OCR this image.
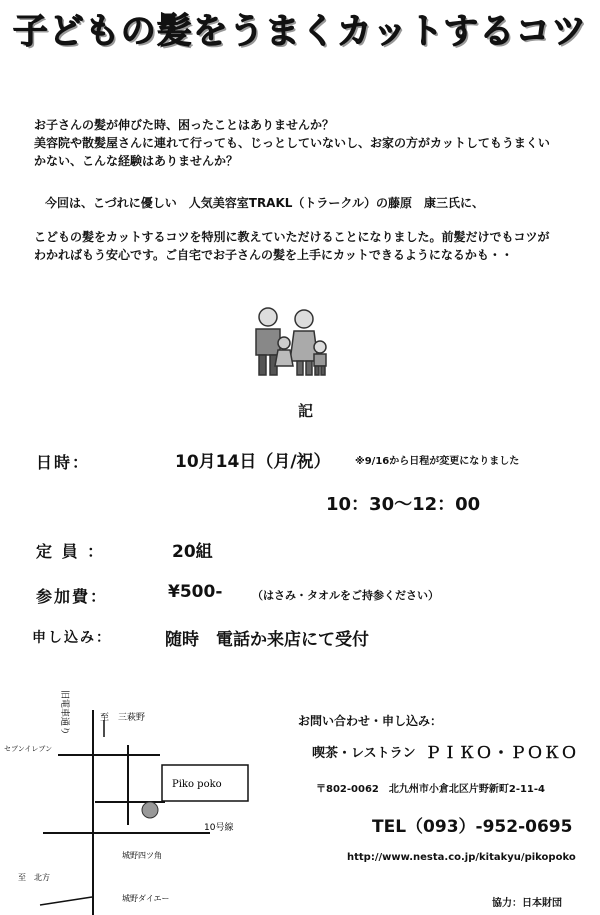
子どもの髪をうまくカットするコツ
お子さんの髪が伸びた時、困ったことはありませんか？
美容院や散髪屋さんに連れて行っても、じっとしていないし、お家の方がカットしてもうまくい
かない、こんな経験はありませんか？
今回は、こづれに優しい　人気美容室TRAKL（トラークル）の藤原　康三氏に、
こどもの髪をカットするコツを特別に教えていただけることになりました。前髪だけでもコツが
わかればもう安心です。ご自宅でお子さんの髪を上手にカットできるようになるかも・・
記
日時：	10月14日（月/祝） ※9/16から日程が変更になりました
10：30～12：00
定 員 ：	20組
参加費：	¥500-	（はさみ・タオルをご持参ください）
申し込み：	随時　電話か来店にて受付
旧電車通り	至　三萩野
セブンイレブン
Piko poko
10号線
城野四ツ角
至　北方
城野ダイエー
お問い合わせ・申し込み：
喫茶・レストラン ＰＩＫＯ・ＰＯＫＯ
〒802-0062　北九州市小倉北区片野新町2-11-4
TEL（093）-952-0695
http://www.nesta.co.jp/kitakyu/pikopoko
協力：日本財団
